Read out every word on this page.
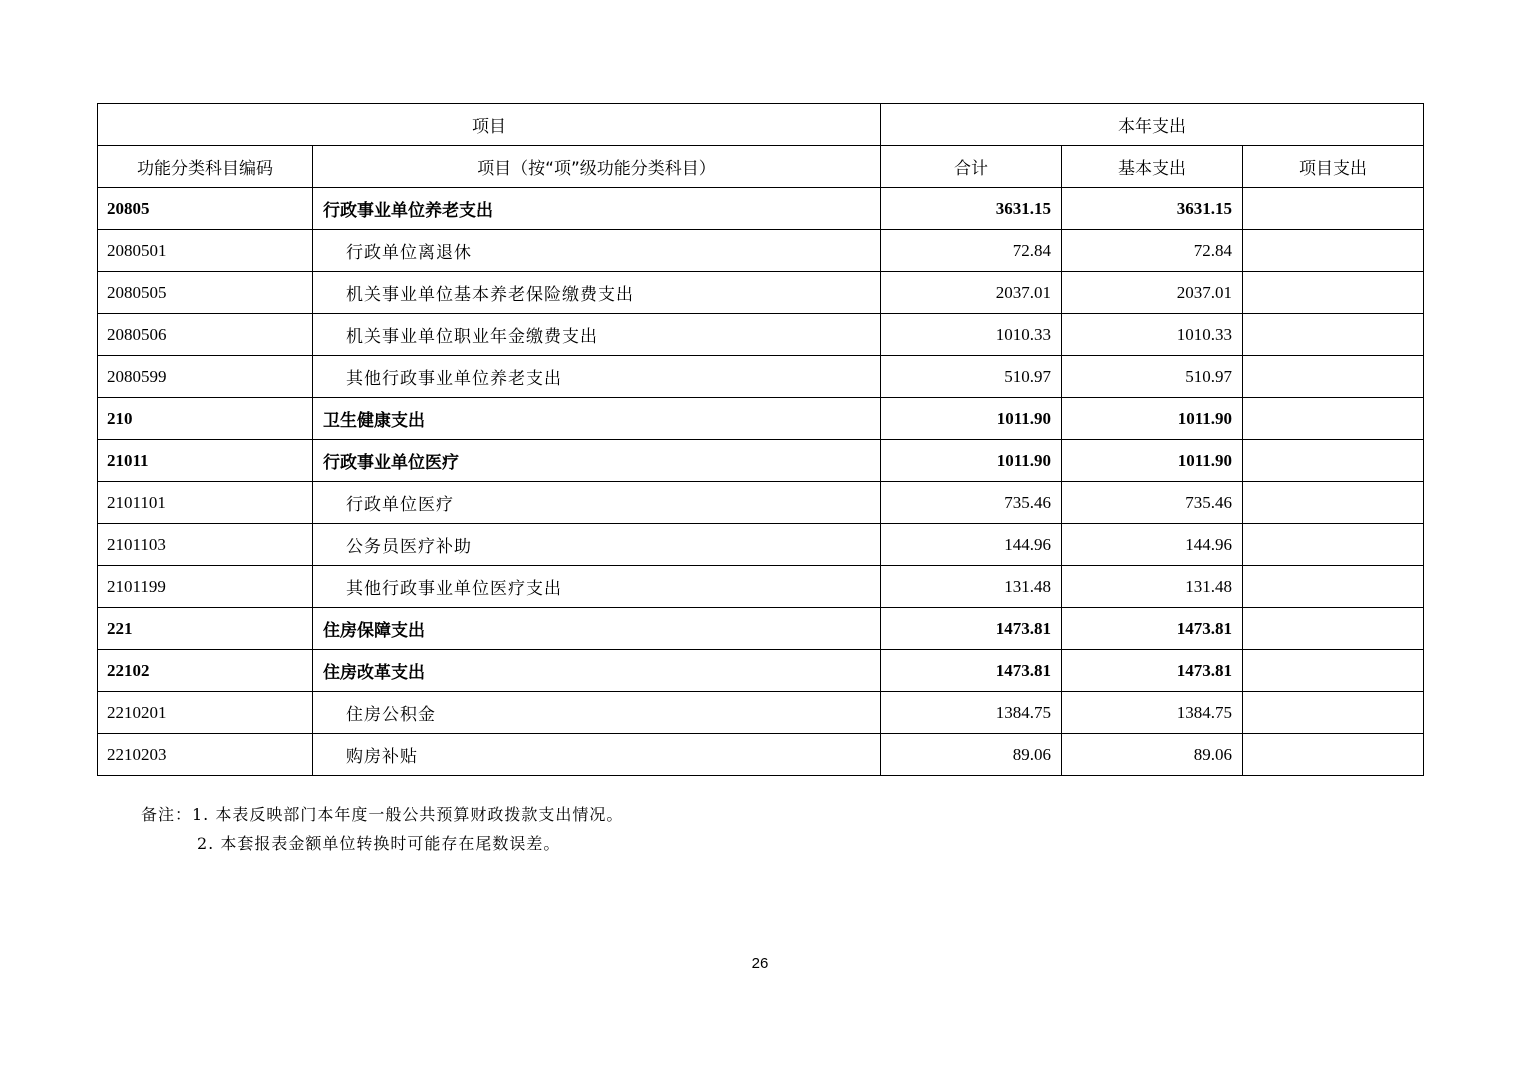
项目		本年支出		
功能分类科目编码	项目（按“项”级功能分类科目）	合计	基本支出	项目支出
20805	行政事业单位养老支出	3631.15	3631.15	
2080501	行政单位离退休	72.84	72.84	
2080505	机关事业单位基本养老保险缴费支出	2037.01	2037.01	
2080506	机关事业单位职业年金缴费支出	1010.33	1010.33	
2080599	其他行政事业单位养老支出	510.97	510.97	
210	卫生健康支出	1011.90	1011.90	
21011	行政事业单位医疗	1011.90	1011.90	
2101101	行政单位医疗	735.46	735.46	
2101103	公务员医疗补助	144.96	144.96	
2101199	其他行政事业单位医疗支出	131.48	131.48	
221	住房保障支出	1473.81	1473.81	
22102	住房改革支出	1473.81	1473.81	
2210201	住房公积金	1384.75	1384.75	
2210203	购房补贴	89.06	89.06	
备注：1. 本表反映部门本年度一般公共预算财政拨款支出情况。
2. 本套报表金额单位转换时可能存在尾数误差。
26
